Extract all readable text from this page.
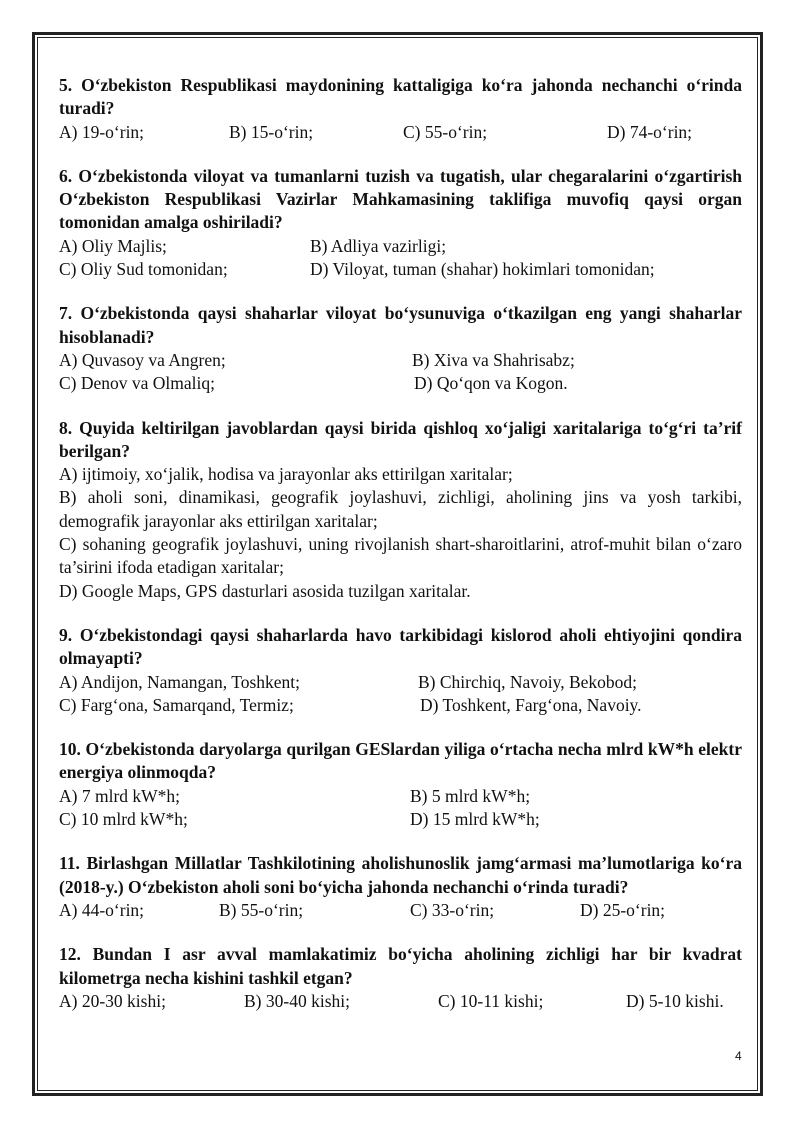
5. O‘zbekiston Respublikasi maydonining kattaligiga ko‘ra jahonda nechanchi o‘rinda turadi?

A) 19-o‘rin;	B) 15-o‘rin;	C) 55-o‘rin;	D) 74-o‘rin;

6. O‘zbekistonda viloyat va tumanlarni tuzish va tugatish, ular chegaralarini o‘zgartirish O‘zbekiston Respublikasi Vazirlar Mahkamasining taklifiga muvofiq qaysi organ tomonidan amalga oshiriladi?

A) Oliy Majlis;	B) Adliya vazirligi;
C) Oliy Sud tomonidan;	D) Viloyat, tuman (shahar) hokimlari tomonidan;

7. O‘zbekistonda qaysi shaharlar viloyat bo‘ysunuviga o‘tkazilgan eng yangi shaharlar hisoblanadi?

A) Quvasoy va Angren;	B) Xiva va Shahrisabz;
C) Denov va Olmaliq;	D) Qo‘qon va Kogon.

8. Quyida keltirilgan javoblardan qaysi birida qishloq xo‘jaligi xaritalariga to‘g‘ri ta’rif berilgan?

A) ijtimoiy, xo‘jalik, hodisa va jarayonlar aks ettirilgan xaritalar;

B) aholi soni, dinamikasi, geografik joylashuvi, zichligi, aholining jins va yosh tarkibi, demografik jarayonlar aks ettirilgan xaritalar;

C) sohaning geografik joylashuvi, uning rivojlanish shart-sharoitlarini, atrof-muhit bilan o‘zaro ta’sirini ifoda etadigan xaritalar;

D) Google Maps, GPS dasturlari asosida tuzilgan xaritalar.

9. O‘zbekistondagi qaysi shaharlarda havo tarkibidagi kislorod aholi ehtiyojini qondira olmayapti?

A) Andijon, Namangan, Toshkent;	B) Chirchiq, Navoiy, Bekobod;
C) Farg‘ona, Samarqand, Termiz;	D) Toshkent, Farg‘ona, Navoiy.

10. O‘zbekistonda daryolarga qurilgan GESlardan yiliga o‘rtacha necha mlrd kW*h elektr energiya olinmoqda?

A) 7 mlrd kW*h;	B) 5 mlrd kW*h;
C) 10 mlrd kW*h;	D) 15 mlrd kW*h;

11. Birlashgan Millatlar Tashkilotining aholishunoslik jamg‘armasi ma’lumotlariga ko‘ra (2018-y.) O‘zbekiston aholi soni bo‘yicha jahonda nechanchi o‘rinda turadi?

A) 44-o‘rin;	B) 55-o‘rin;	C) 33-o‘rin;	D) 25-o‘rin;

12. Bundan I asr avval mamlakatimiz bo‘yicha aholining zichligi har bir kvadrat kilometrga necha kishini tashkil etgan?

A) 20-30 kishi;	B) 30-40 kishi;	C) 10-11 kishi;	D) 5-10 kishi.
4
